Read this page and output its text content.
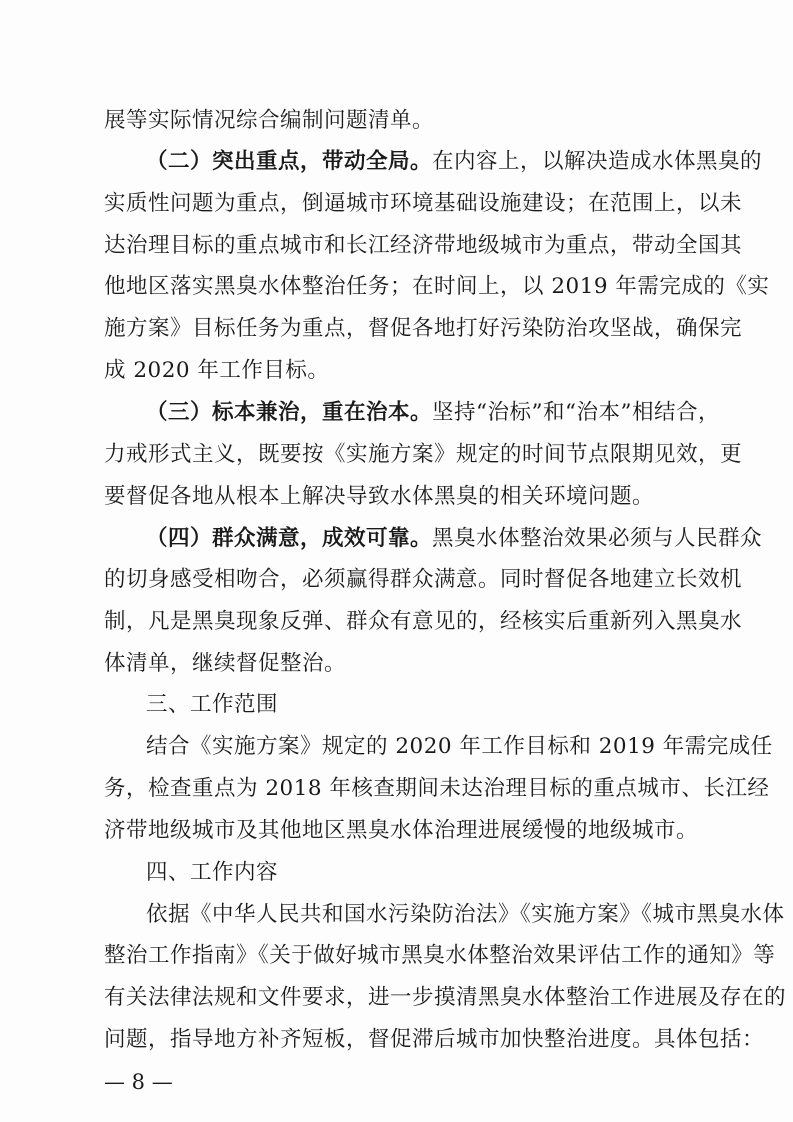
展等实际情况综合编制问题清单。
（二）突出重点，带动全局。在内容上，以解决造成水体黑臭的
实质性问题为重点，倒逼城市环境基础设施建设；在范围上，以未
达治理目标的重点城市和长江经济带地级城市为重点，带动全国其
他地区落实黑臭水体整治任务；在时间上，以 2019 年需完成的《实
施方案》目标任务为重点，督促各地打好污染防治攻坚战，确保完
成 2020 年工作目标。
（三）标本兼治，重在治本。坚持“治标”和“治本”相结合，
力戒形式主义，既要按《实施方案》规定的时间节点限期见效，更
要督促各地从根本上解决导致水体黑臭的相关环境问题。
（四）群众满意，成效可靠。黑臭水体整治效果必须与人民群众
的切身感受相吻合，必须赢得群众满意。同时督促各地建立长效机
制，凡是黑臭现象反弹、群众有意见的，经核实后重新列入黑臭水
体清单，继续督促整治。
三、工作范围
结合《实施方案》规定的 2020 年工作目标和 2019 年需完成任
务，检查重点为 2018 年核查期间未达治理目标的重点城市、长江经
济带地级城市及其他地区黑臭水体治理进展缓慢的地级城市。
四、工作内容
依据《中华人民共和国水污染防治法》《实施方案》《城市黑臭水体
整治工作指南》《关于做好城市黑臭水体整治效果评估工作的通知》等
有关法律法规和文件要求，进一步摸清黑臭水体整治工作进展及存在的
问题，指导地方补齐短板，督促滞后城市加快整治进度。具体包括：
— 8 —
